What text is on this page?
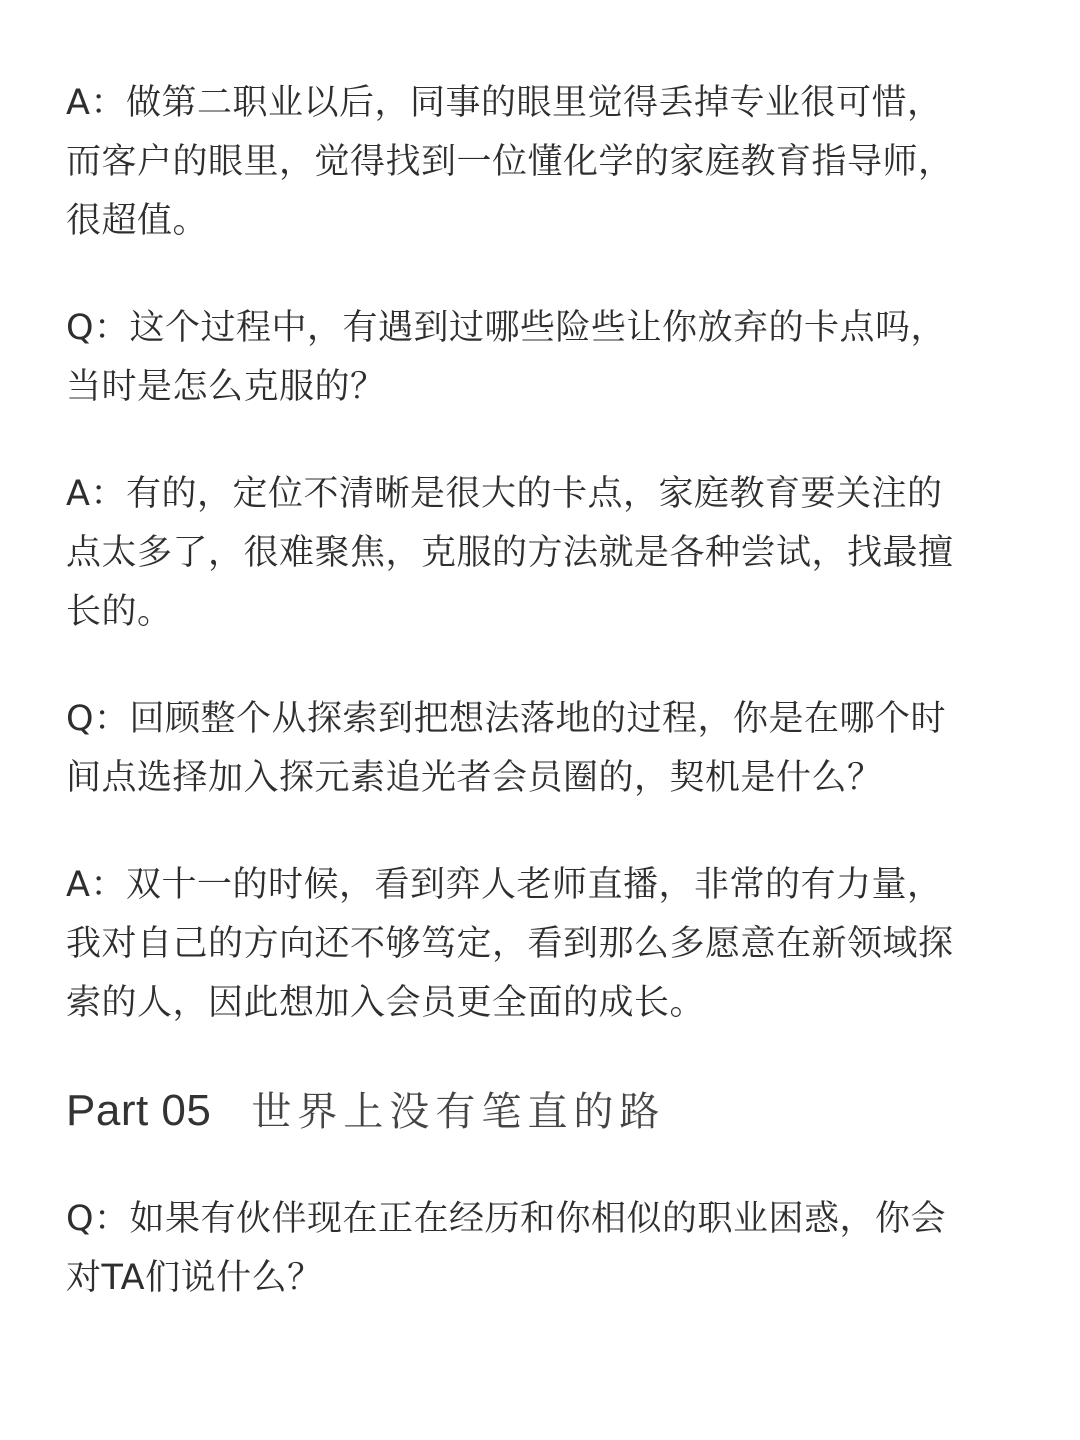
A：做第二职业以后，同事的眼里觉得丢掉专业很可惜，
而客户的眼里，觉得找到一位懂化学的家庭教育指导师，
很超值。

Q：这个过程中，有遇到过哪些险些让你放弃的卡点吗，
当时是怎么克服的？

A：有的，定位不清晰是很大的卡点，家庭教育要关注的
点太多了，很难聚焦，克服的方法就是各种尝试，找最擅
长的。

Q：回顾整个从探索到把想法落地的过程，你是在哪个时
间点选择加入探元素追光者会员圈的，契机是什么？

A：双十一的时候，看到弈人老师直播，非常的有力量，
我对自己的方向还不够笃定，看到那么多愿意在新领域探
索的人，因此想加入会员更全面的成长。

Part 05 世界上没有笔直的路

Q：如果有伙伴现在正在经历和你相似的职业困惑，你会
对TA们说什么？
